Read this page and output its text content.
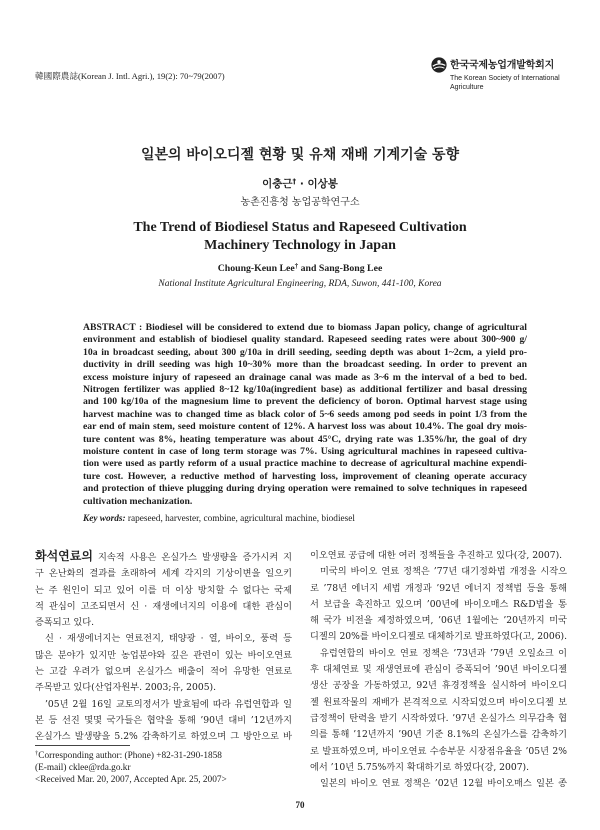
韓國際農誌(Korean J. Intl. Agri.), 19(2): 70~79(2007)
한국국제농업개발학회지
The Korean Society of International
Agriculture
일본의 바이오디젤 현황 및 유채 재배 기계기술 동향
이충근† · 이상봉
농촌진흥청 농업공학연구소
The Trend of Biodiesel Status and Rapeseed Cultivation
Machinery Technology in Japan
Choung-Keun Lee† and Sang-Bong Lee
National Institute Agricultural Engineering, RDA, Suwon, 441-100, Korea
ABSTRACT : Biodiesel will be considered to extend due to biomass Japan policy, change of agricultural
environment and establish of biodiesel quality standard. Rapeseed seeding rates were about 300~900 g/
10a in broadcast seeding, about 300 g/10a in drill seeding, seeding depth was about 1~2cm, a yield pro-
ductivity in drill seeding was high 10~30% more than the broadcast seeding. In order to prevent an
excess moisture injury of rapeseed an drainage canal was made as 3~6 m the interval of a bed to bed.
Nitrogen fertilizer was applied 8~12 kg/10a(ingredient base) as additional fertilizer and basal dressing
and 100 kg/10a of the magnesium lime to prevent the deficiency of boron. Optimal harvest stage using
harvest machine was to changed time as black color of 5~6 seeds among pod seeds in point 1/3 from the
ear end of main stem, seed moisture content of 12%. A harvest loss was about 10.4%. The goal dry mois-
ture content was 8%, heating temperature was about 45°C, drying rate was 1.35%/hr, the goal of dry
moisture content in case of long term storage was 7%. Using agricultural machines in rapeseed cultiva-
tion were used as partly reform of a usual practice machine to decrease of agricultural machine expendi-
ture cost. However, a reductive method of harvesting loss, improvement of cleaning operate accuracy
and protection of thieve plugging during drying operation were remained to solve techniques in rapeseed
cultivation mechanization.
Key words: rapeseed, harvester, combine, agricultural machine, biodiesel
화석연료의 지속적 사용은 온실가스 발생량을 증가시켜 지
구 온난화의 결과를 초래하여 세계 각지의 기상이변을 일으키
는 주 원인이 되고 있어 이를 더 이상 방치할 수 없다는 국제
적 관심이 고조되면서 신 · 재생에너지의 이용에 대한 관심이
증폭되고 있다.
신 · 재생에너지는 연료전지, 태양광 · 열, 바이오, 풍력 등
많은 분야가 있지만 농업분야와 깊은 관련이 있는 바이오연료
는 고갈 우려가 없으며 온실가스 배출이 적어 유망한 연료로
주목받고 있다(산업자원부. 2003;유, 2005).
’05년 2월 16일 교토의정서가 발효됨에 따라 유럽연합과 일
본 등 선진 몇몇 국가들은 협약을 통해 ’90년 대비 ’12년까지
온실가스 발생량을 5.2% 감축하기로 하였으며 그 방안으로 바
이오연료 공급에 대한 여러 정책들을 추진하고 있다(강, 2007).
미국의 바이오 연료 정책은 ’77년 대기정화법 개정을 시작으
로 ’78년 에너지 세법 개정과 ’92년 에너지 정책법 등을 통해
서 보급을 촉진하고 있으며 ’00년에 바이오매스 R&D법을 통
해 국가 비전을 제정하였으며, ’06년 1월에는 ’20년까지 미국
디젤의 20%를 바이오디젤로 대체하기로 발표하였다(고, 2006).
유럽연합의 바이오 연료 정책은 ’73년과 ’79년 오일쇼크 이
후 대체연료 및 재생연료에 관심이 증폭되어 ’90년 바이오디젤
생산 공장을 가동하였고, 92년 휴경정책을 실시하여 바이오디
젤 원료작물의 재배가 본격적으로 시작되었으며 바이오디젤 보
급정책이 탄력을 받기 시작하였다. ’97년 온실가스 의무감축 협
의를 통해 ’12년까지 ’90년 기준 8.1%의 온실가스를 감축하기
로 발표하였으며, 바이오연료 수송부문 시장점유율을 ’05년 2%
에서 ’10년 5.75%까지 확대하기로 하였다(강, 2007).
일본의 바이오 연료 정책은 ’02년 12월 바이오매스 일본 종
†Corresponding author: (Phone) +82-31-290-1858
(E-mail) cklee@rda.go.kr
<Received Mar. 20, 2007, Accepted Apr. 25, 2007>
70
